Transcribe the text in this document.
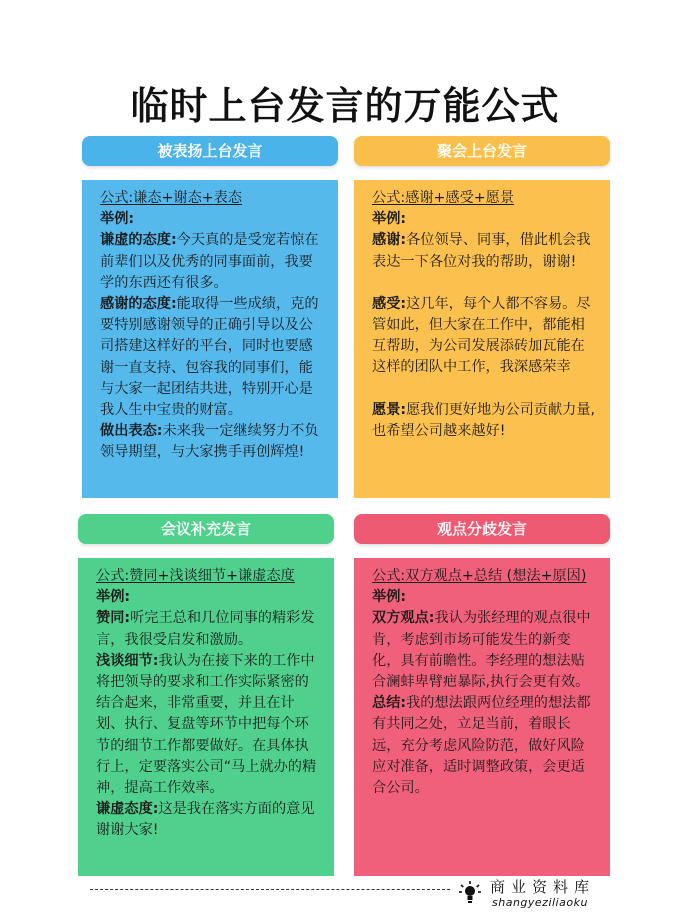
临时上台发言的万能公式
被表扬上台发言

公式:谦态+谢态+表态

举例:

谦虚的态度:今天真的是受宠若惊在前辈们以及优秀的同事面前，我要学的东西还有很多。

感谢的态度:能取得一些成绩，克的要特别感谢领导的正确引导以及公司搭建这样好的平台，同时也要感谢一直支持、包容我的同事们，能与大家一起团结共进，特别开心是我人生中宝贵的财富。

做出表态:未来我一定继续努力不负领导期望，与大家携手再创辉煌!

聚会上台发言

公式:感谢+感受+愿景

举例:

感谢:各位领导、同事，借此机会我表达一下各位对我的帮助，谢谢!

感受:这几年，每个人都不容易。尽管如此，但大家在工作中，都能相互帮助，为公司发展添砖加瓦能在这样的团队中工作，我深感荣幸

愿景:愿我们更好地为公司贡献力量,也希望公司越来越好!

会议补充发言

公式:赞同+浅谈细节+谦虚态度

举例:

赞同:听完王总和几位同事的精彩发言，我很受启发和激励。

浅谈细节:我认为在接下来的工作中将把领导的要求和工作实际紧密的结合起来，非常重要，并且在计划、执行、复盘等环节中把每个环节的细节工作都要做好。在具体执行上，定要落实公司“马上就办的精神，提高工作效率。

谦虚态度:这是我在落实方面的意见谢谢大家!

观点分歧发言

公式:双方观点+总结 (想法+原因)

举例:

双方观点:我认为张经理的观点很中肯，考虑到市场可能发生的新变化，具有前瞻性。李经理的想法贴合澜蚌卑臂疤暴际,执行会更有效。

总结:我的想法跟两位经理的想法都有共同之处，立足当前，着眼长远，充分考虑风险防范，做好风险应对准备，适时调整政策，会更适合公司。

商业资料库
shangyeziliaoku
